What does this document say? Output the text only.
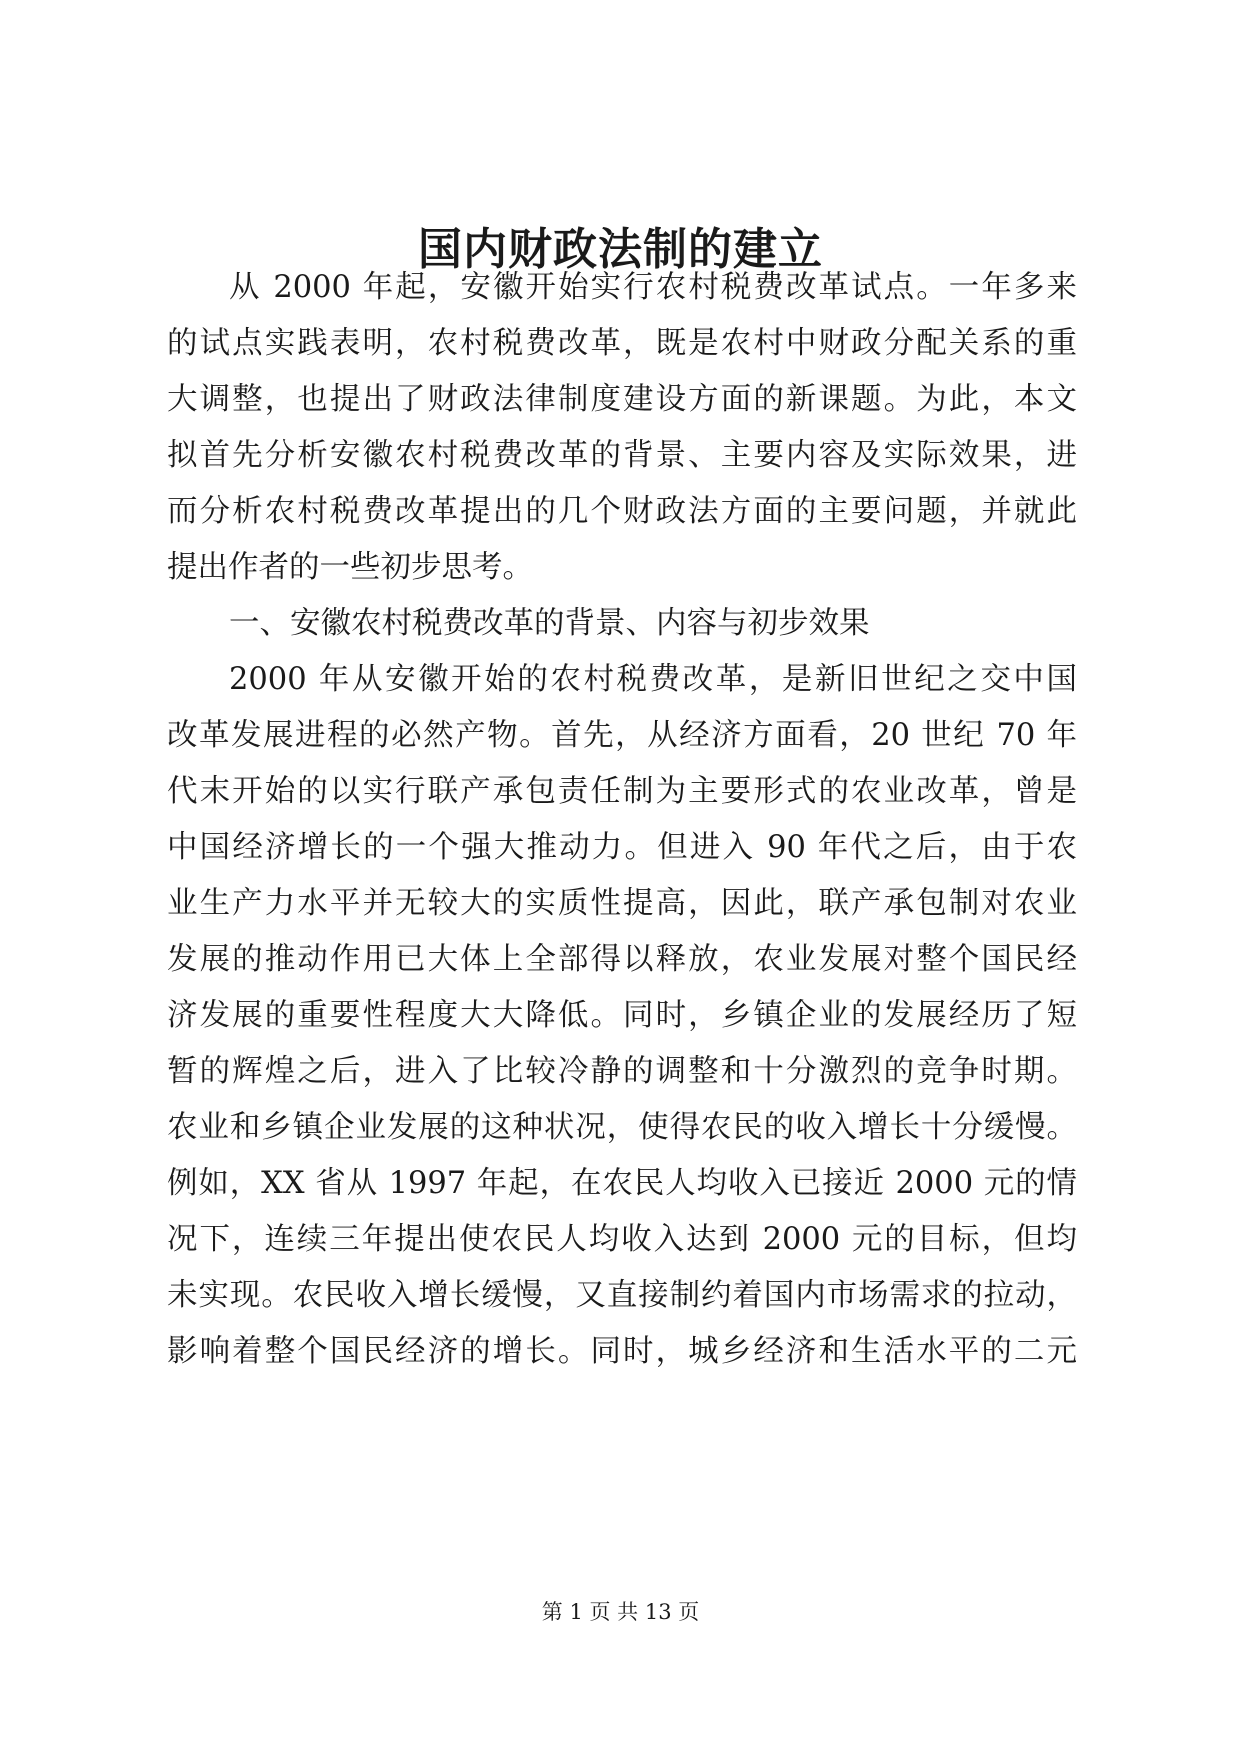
国内财政法制的建立

从 2000 年起，安徽开始实行农村税费改革试点。一年多来

的试点实践表明，农村税费改革，既是农村中财政分配关系的重

大调整，也提出了财政法律制度建设方面的新课题。为此，本文

拟首先分析安徽农村税费改革的背景、主要内容及实际效果，进

而分析农村税费改革提出的几个财政法方面的主要问题，并就此

提出作者的一些初步思考。

一、安徽农村税费改革的背景、内容与初步效果

2000 年从安徽开始的农村税费改革，是新旧世纪之交中国

改革发展进程的必然产物。首先，从经济方面看，20 世纪 70 年

代末开始的以实行联产承包责任制为主要形式的农业改革，曾是

中国经济增长的一个强大推动力。但进入 90 年代之后，由于农

业生产力水平并无较大的实质性提高，因此，联产承包制对农业

发展的推动作用已大体上全部得以释放，农业发展对整个国民经

济发展的重要性程度大大降低。同时，乡镇企业的发展经历了短

暂的辉煌之后，进入了比较冷静的调整和十分激烈的竞争时期。

农业和乡镇企业发展的这种状况，使得农民的收入增长十分缓慢。

例如，XX 省从 1997 年起，在农民人均收入已接近 2000 元的情

况下，连续三年提出使农民人均收入达到 2000 元的目标，但均

未实现。农民收入增长缓慢，又直接制约着国内市场需求的拉动，

影响着整个国民经济的增长。同时，城乡经济和生活水平的二元

第 1 页 共 13 页
